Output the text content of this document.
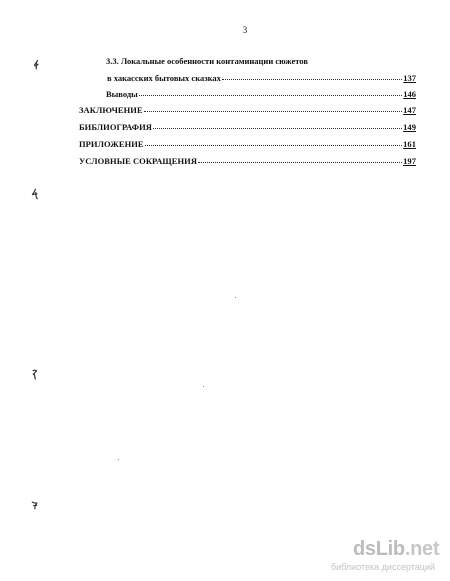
3
3.3. Локальные особенности контаминации сюжетов
в хакасских бытовых сказках	137
Выводы	146
ЗАКЛЮЧЕНИЕ	147
БИБЛИОГРАФИЯ	149
ПРИЛОЖЕНИЕ	161
УСЛОВНЫЕ СОКРАЩЕНИЯ	197
dsLib.net
библиотека диссертаций
